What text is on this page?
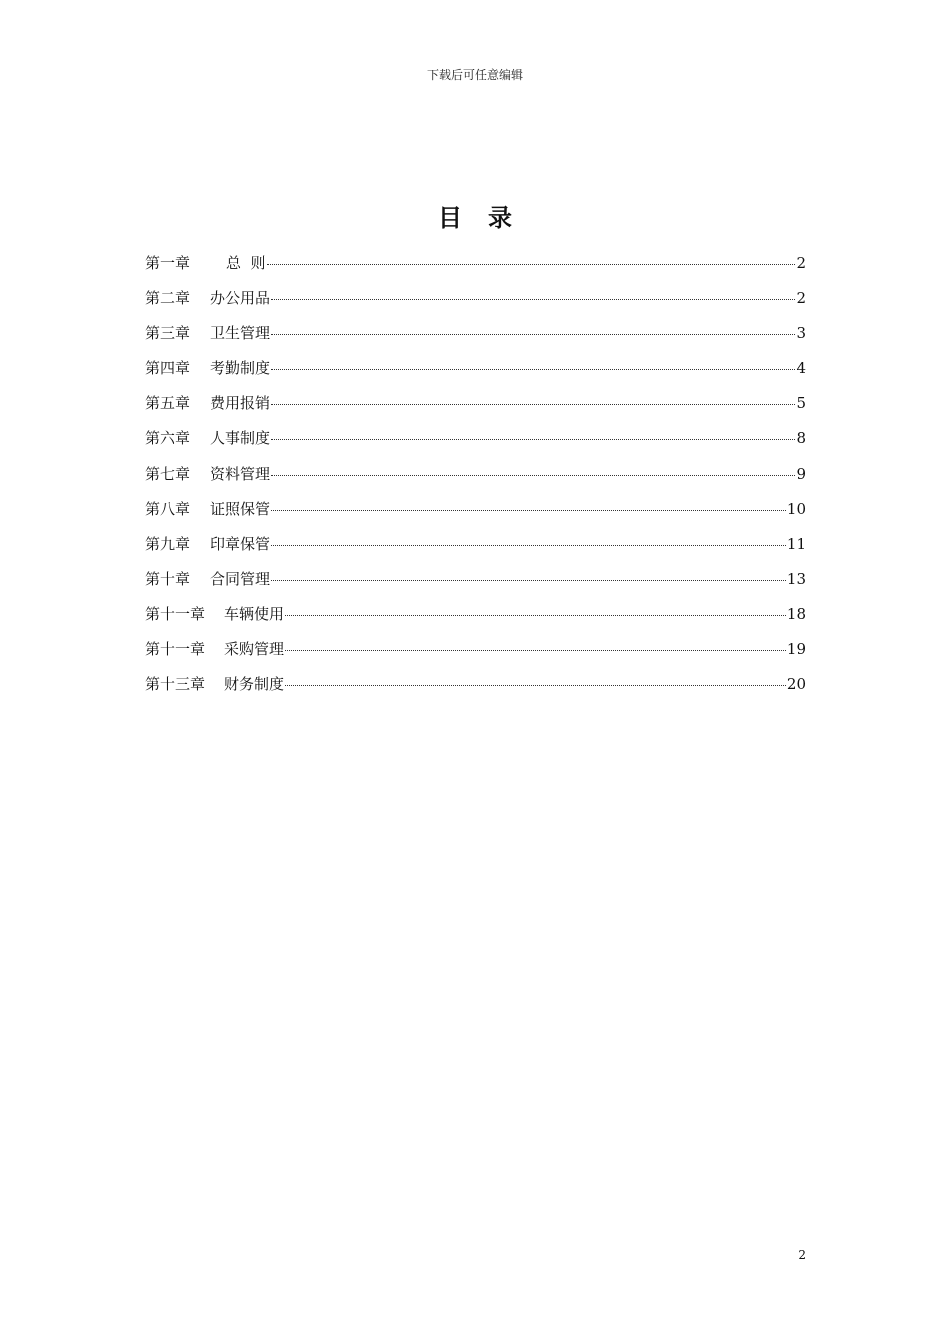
下载后可任意编辑
目 录
第一章 总  则	2
第二章 办公用品	2
第三章 卫生管理	3
第四章 考勤制度	4
第五章 费用报销	5
第六章 人事制度	8
第七章 资料管理	9
第八章 证照保管	10
第九章 印章保管	11
第十章 合同管理	13
第十一章 车辆使用	18
第十一章 采购管理	19
第十三章 财务制度	20
2
